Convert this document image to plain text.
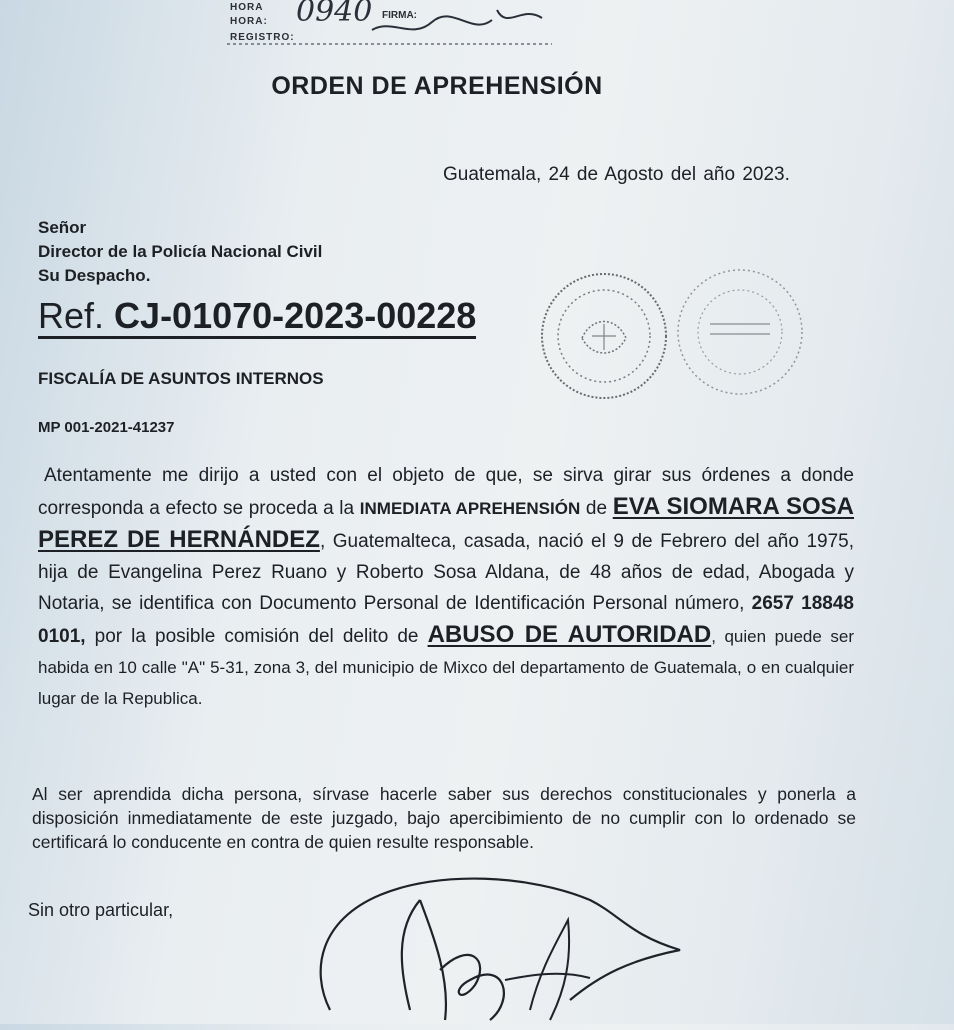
HORA
HORA:
REGISTRO:
0940 FIRMA:
ORDEN DE APREHENSIÓN
Guatemala, 24 de Agosto del año 2023.
Señor
Director de la Policía Nacional Civil
Su Despacho.
Ref. CJ-01070-2023-00228
FISCALÍA DE ASUNTOS INTERNOS
MP 001-2021-41237
Atentamente me dirijo a usted con el objeto de que, se sirva girar sus órdenes a donde corresponda a efecto se proceda a la INMEDIATA APREHENSIÓN de EVA SIOMARA SOSA PEREZ DE HERNÁNDEZ, Guatemalteca, casada, nació el 9 de Febrero del año 1975, hija de Evangelina Perez Ruano y Roberto Sosa Aldana, de 48 años de edad, Abogada y Notaria, se identifica con Documento Personal de Identificación Personal número, 2657 18848 0101, por la posible comisión del delito de ABUSO DE AUTORIDAD, quien puede ser habida en 10 calle "A" 5-31, zona 3, del municipio de Mixco del departamento de Guatemala, o en cualquier lugar de la Republica.
Al ser aprendida dicha persona, sírvase hacerle saber sus derechos constitucionales y ponerla a disposición inmediatamente de este juzgado, bajo apercibimiento de no cumplir con lo ordenado se certificará lo conducente en contra de quien resulte responsable.
Sin otro particular,
